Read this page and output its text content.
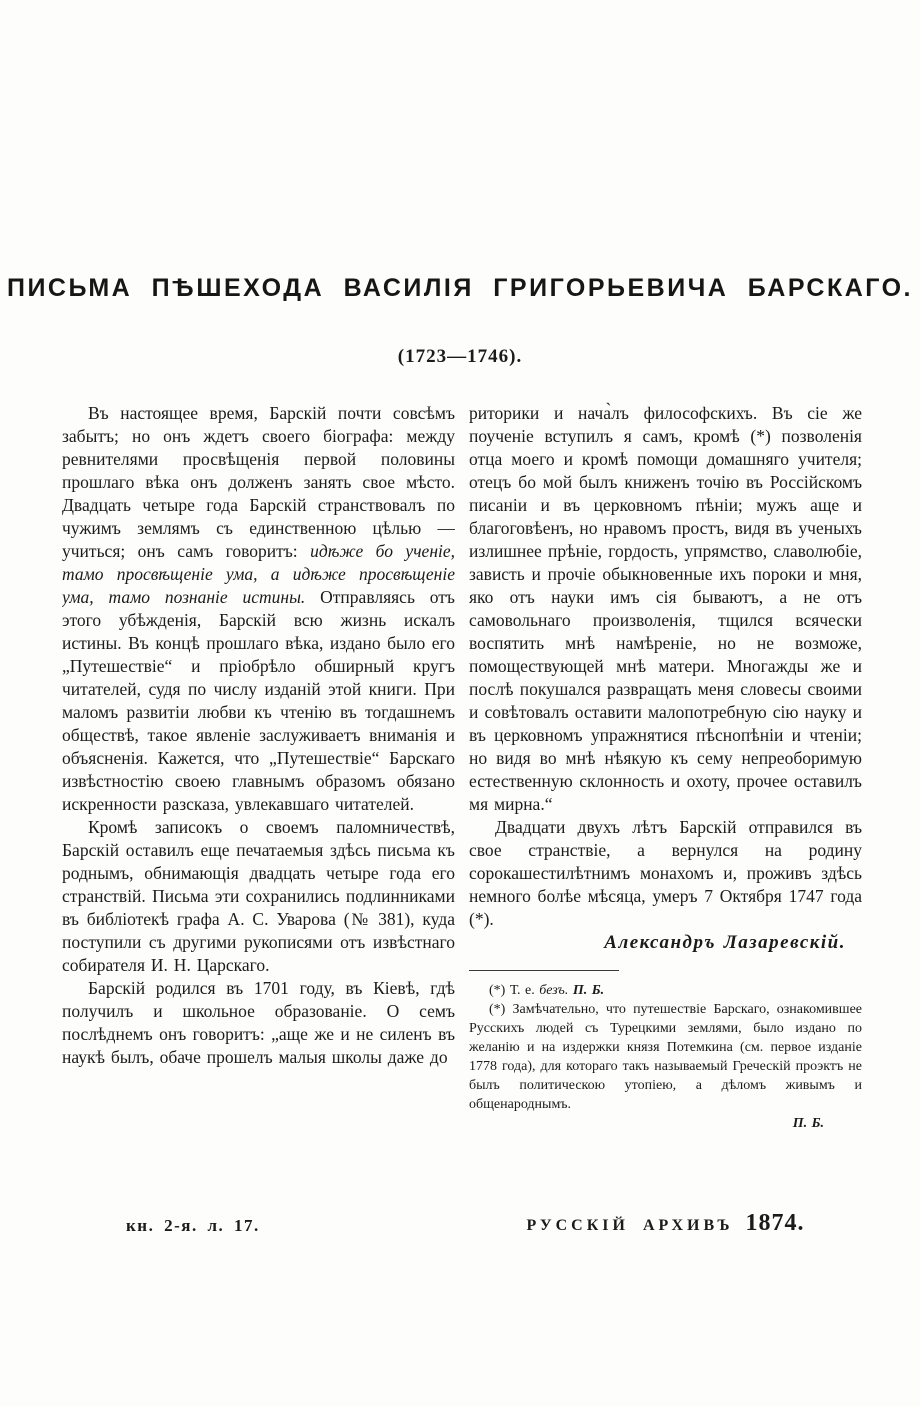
ПИСЬМА ПѢШЕХОДА ВАСИЛІЯ ГРИГОРЬЕВИЧА БАРСКАГО.
(1723—1746).

Въ настоящее время, Барскій почти совсѣмъ забытъ; но онъ ждетъ своего біографа: между ревнителями просвѣщенія первой половины прошлаго вѣка онъ долженъ занять свое мѣсто. Двадцать четыре года Барскій странствовалъ по чужимъ землямъ съ единственною цѣлью — учиться; онъ самъ говоритъ: идѣже бо ученіе, тамо просвѣщеніе ума, а идѣже просвѣщеніе ума, тамо познаніе истины. Отправляясь отъ этого убѣжденія, Барскій всю жизнь искалъ истины. Въ концѣ прошлаго вѣка, издано было его „Путешествіе“ и пріобрѣло обширный кругъ читателей, судя по числу изданій этой книги. При маломъ развитіи любви къ чтенію въ тогдашнемъ обществѣ, такое явленіе заслуживаетъ вниманія и объясненія. Кажется, что „Путешествіе“ Барскаго извѣстностію своею главнымъ образомъ обязано искренности разсказа, увлекавшаго читателей.

Кромѣ записокъ о своемъ паломничествѣ, Барскій оставилъ еще печатаемыя здѣсь письма къ роднымъ, обнимающія двадцать четыре года его странствій. Письма эти сохранились подлинниками въ библіотекѣ графа А. С. Уварова (№ 381), куда поступили съ другими рукописями отъ извѣстнаго собирателя И. Н. Царскаго.

Барскій родился въ 1701 году, въ Кіевѣ, гдѣ получилъ и школьное образованіе. О семъ послѣднемъ онъ говоритъ: „аще же и не силенъ въ наукѣ былъ, обаче прошелъ малыя школы даже до

риторики и нача̀лъ философскихъ. Въ сіе же поученіе вступилъ я самъ, кромѣ (*) позволенія отца моего и кромѣ помощи домашняго учителя; отецъ бо мой былъ книженъ точію въ Россійскомъ писаніи и въ церковномъ пѣніи; мужъ аще и благоговѣенъ, но нравомъ простъ, видя въ ученыхъ излишнее прѣніе, гордость, упрямство, славолюбіе, зависть и прочіе обыкновенные ихъ пороки и мня, яко отъ науки имъ сія бываютъ, а не отъ самовольнаго произволенія, тщился всячески воспятить мнѣ намѣреніе, но не возможе, помоществующей мнѣ матери. Многажды же и послѣ покушался развращать меня словесы своими и совѣтовалъ оставити малопотребную сію науку и въ церковномъ упражнятися пѣснопѣніи и чтеніи; но видя во мнѣ нѣякую къ сему непреоборимую естественную склонность и охоту, прочее оставилъ мя мирна.“

Двадцати двухъ лѣтъ Барскій отправился въ свое странствіе, а вернулся на родину сорокашестилѣтнимъ монахомъ и, проживъ здѣсь немного болѣе мѣсяца, умеръ 7 Октября 1747 года (*).

Александръ Лазаревскій.

(*) Т. е. безъ. П. Б.

(*) Замѣчательно, что путешествіе Барскаго, ознакомившее Русскихъ людей съ Турецкими землями, было издано по желанію и на издержки князя Потемкина (см. первое изданіе 1778 года), для котораго такъ называемый Греческій проэктъ не былъ политическою утопіею, а дѣломъ живымъ и общенароднымъ.

П. Б.

кн. 2-я. л. 17.	РУССКІЙ АРХИВЪ 1874.
